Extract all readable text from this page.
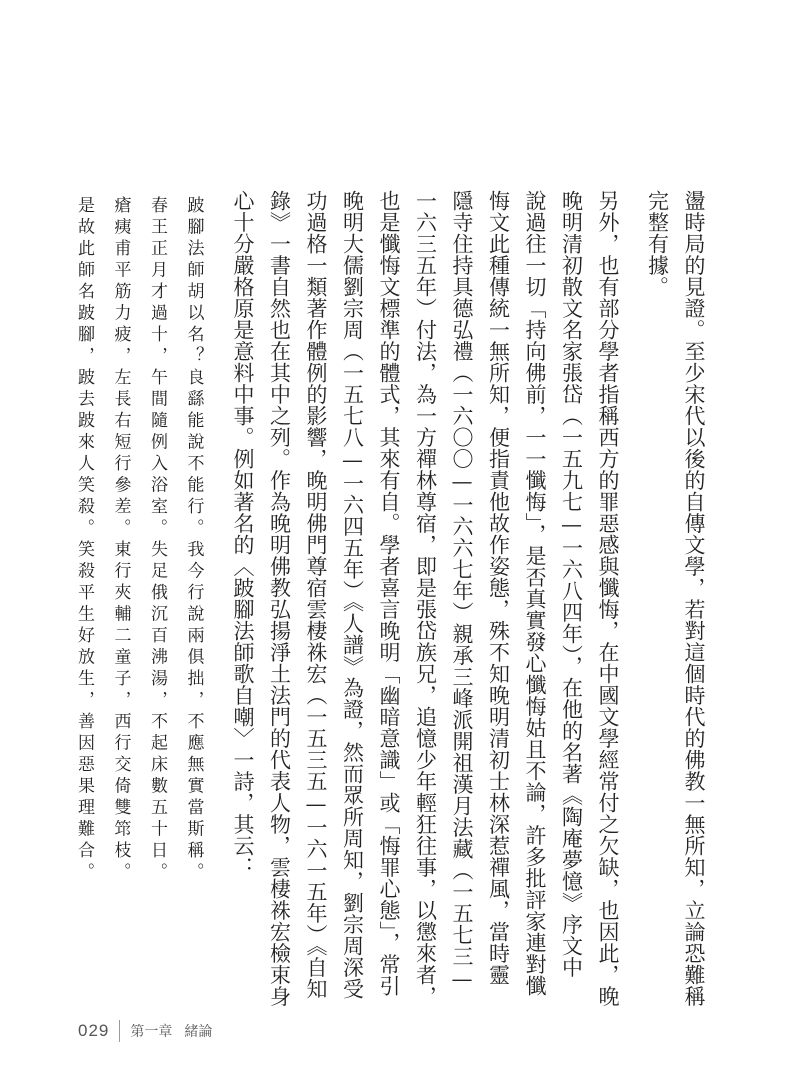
盪時局的見證。至少宋代以後的自傳文學，若對這個時代的佛教一無所知，立論恐難稱

完整有據。

另外，也有部分學者指稱西方的罪惡感與懺悔，在中國文學經常付之欠缺，也因此，晚

晚明清初散文名家張岱（一五九七—一六八四年），在他的名著《陶庵夢憶》序文中

說過往一切「持向佛前，一一懺悔」，是否真實發心懺悔姑且不論，許多批評家連對懺

悔文此種傳統一無所知，便指責他故作姿態，殊不知晚明清初士林深惹禪風，當時靈

隱寺住持具德弘禮（一六〇〇—一六六七年）親承三峰派開祖漢月法藏（一五七三—

一六三五年）付法，為一方禪林尊宿，即是張岱族兄，追憶少年輕狂往事，以懲來者，

也是懺悔文標準的體式，其來有自。學者喜言晚明「幽暗意識」或「悔罪心態」，常引

晚明大儒劉宗周（一五七八—一六四五年）《人譜》為證，然而眾所周知，劉宗周深受

功過格一類著作體例的影響，晚明佛門尊宿雲棲袾宏（一五三五—一六一五年）《自知

錄》一書自然也在其中之列。作為晚明佛教弘揚淨土法門的代表人物，雲棲袾宏檢束身

心十分嚴格原是意料中事。例如著名的〈跛腳法師歌自嘲〉一詩，其云：

跛腳法師胡以名？良繇能說不能行。我今行說兩俱拙，不應無實當斯稱。

春王正月才過十，午間隨例入浴室。失足俄沉百沸湯，不起床數五十日。

瘡痍甫平筋力疲，左長右短行參差。東行夾輔二童子，西行交倚雙筇枝。

是故此師名跛腳，跛去跛來人笑殺。笑殺平生好放生，善因惡果理難合。

029 第一章 緒論
